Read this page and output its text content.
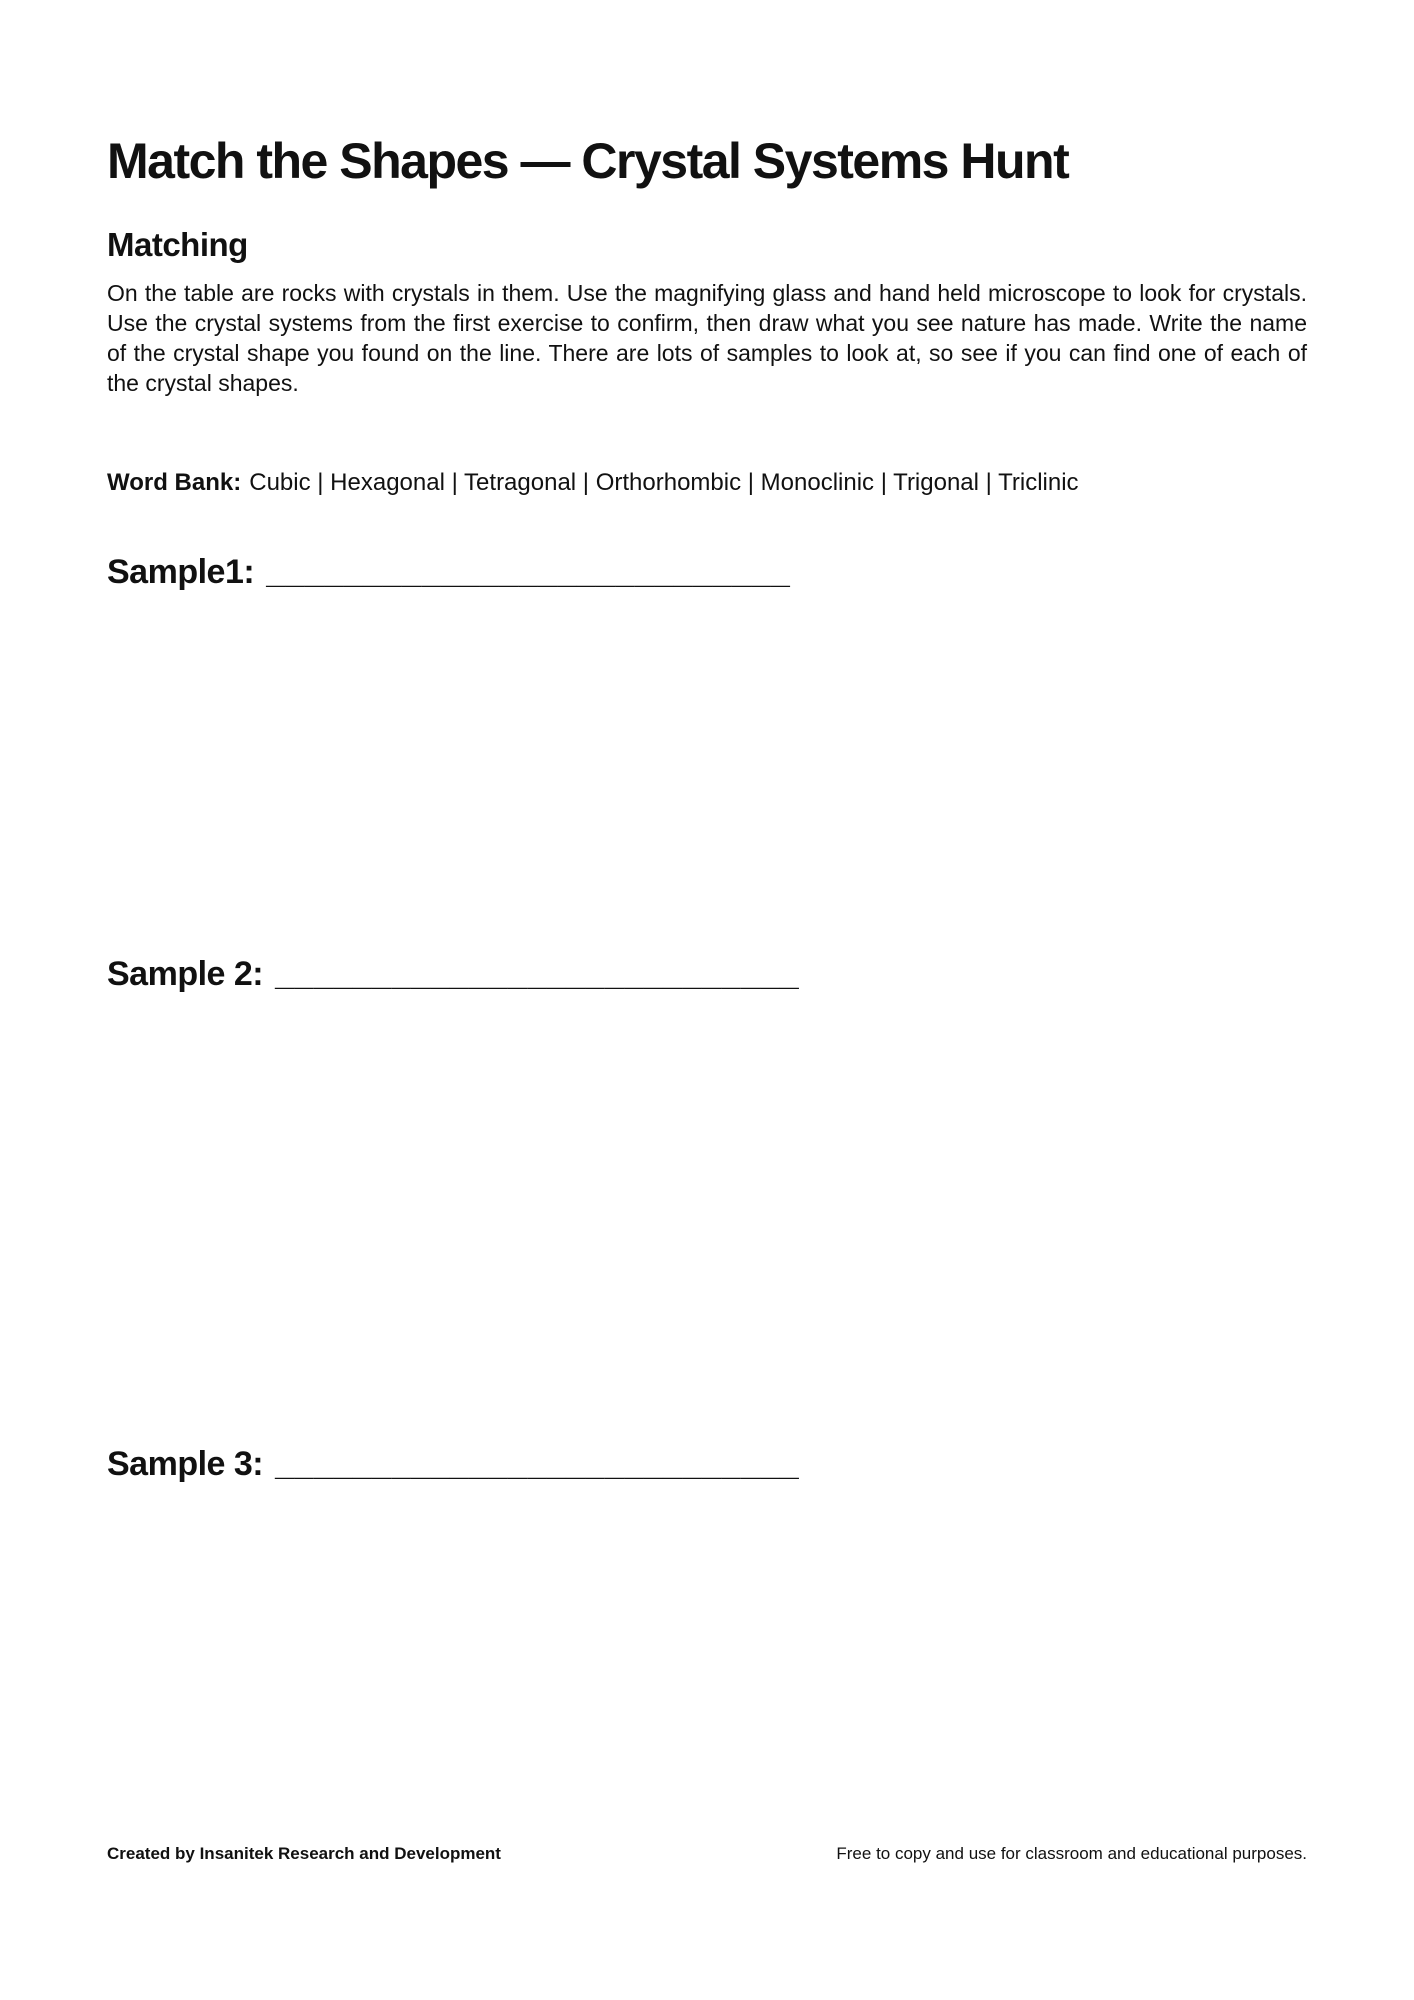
Match the Shapes — Crystal Systems Hunt
Matching

On the table are rocks with crystals in them. Use the magnifying glass and hand held microscope to look for crystals. Use the crystal systems from the first exercise to confirm, then draw what you see nature has made. Write the name of the crystal shape you found on the line. There are lots of samples to look at, so see if you can find one of each of the crystal shapes.

Word Bank: Cubic | Hexagonal | Tetragonal | Orthorhombic | Monoclinic | Trigonal | Triclinic
Sample1: ___________________________
Sample 2: ___________________________
Sample 3: ___________________________
Created by Insanitek Research and Development	Free to copy and use for classroom and educational purposes.
